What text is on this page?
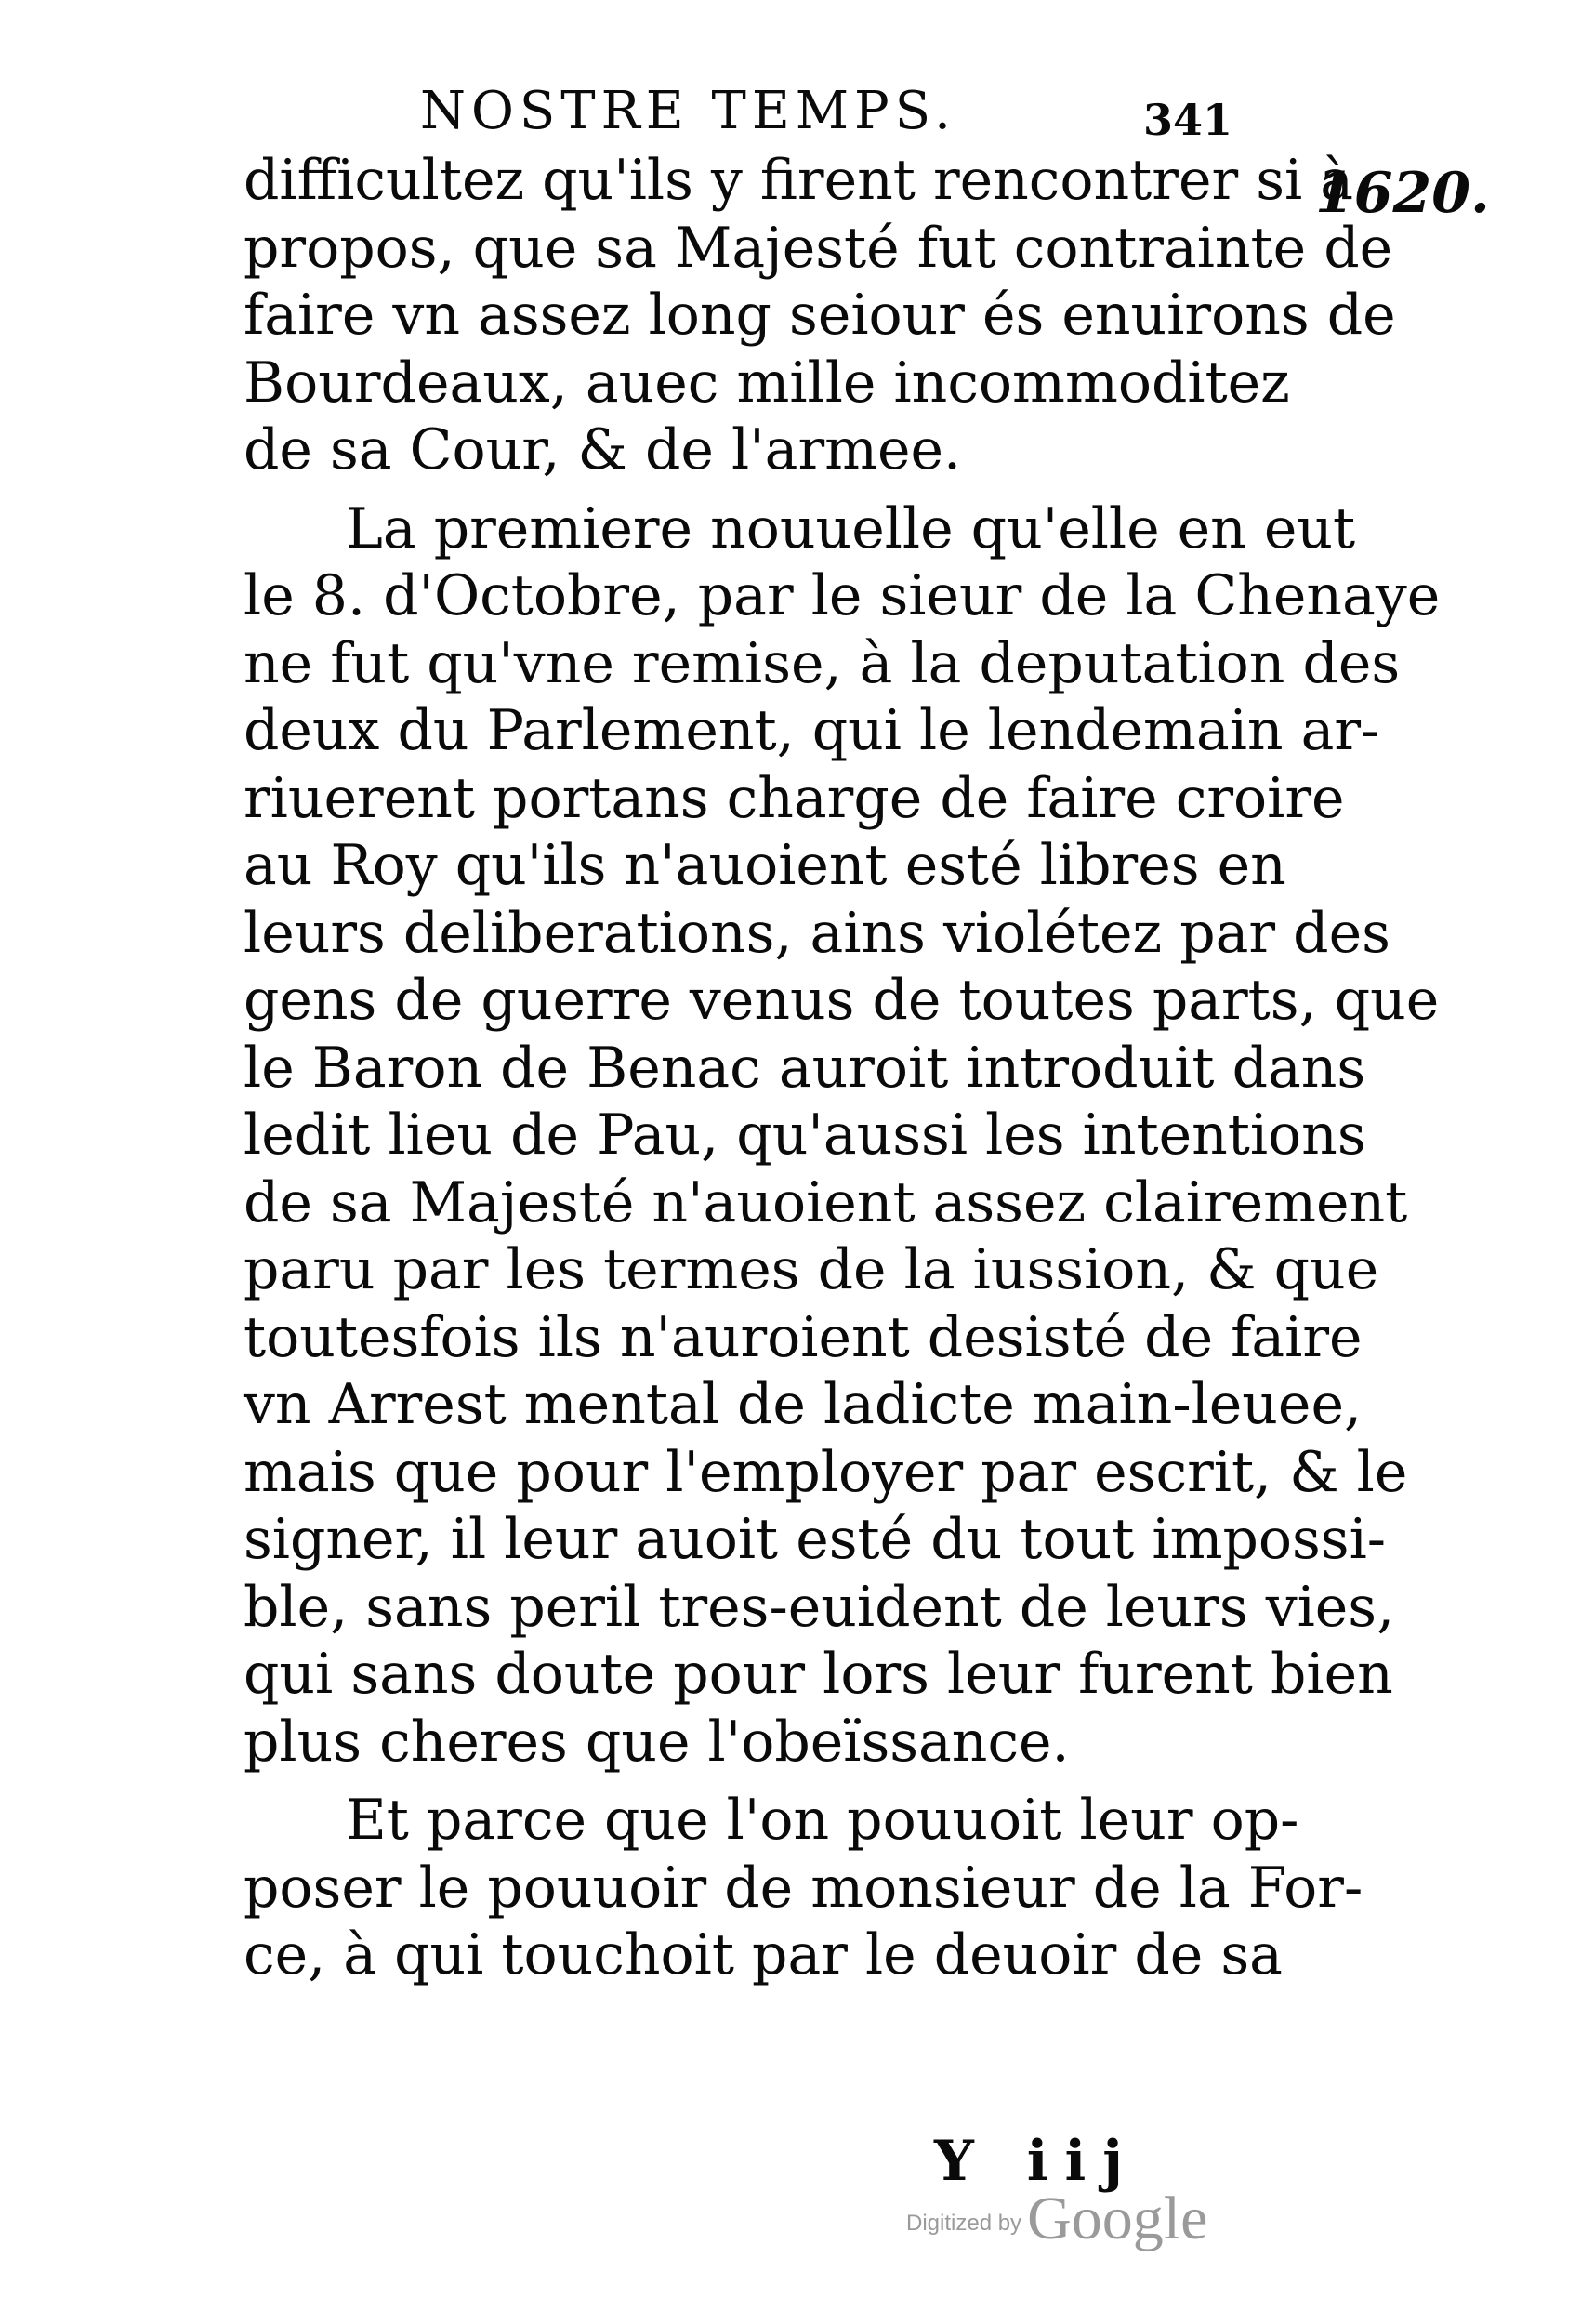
NOSTRE TEMPS.	341
1620.
difficultez qu'ils y firent rencontrer si à
propos, que sa Majesté fut contrainte de
faire vn assez long seiour és enuirons de
Bourdeaux, auec mille incommoditez
de sa Cour, & de l'armee.
La premiere nouuelle qu'elle en eut
le 8. d'Octobre, par le sieur de la Chenaye
ne fut qu'vne remise, à la deputation des
deux du Parlement, qui le lendemain ar-
riuerent portans charge de faire croire
au Roy qu'ils n'auoient esté libres en
leurs deliberations, ains violétez par des
gens de guerre venus de toutes parts, que
le Baron de Benac auroit introduit dans
ledit lieu de Pau, qu'aussi les intentions
de sa Majesté n'auoient assez clairement
paru par les termes de la iussion, & que
toutesfois ils n'auroient desisté de faire
vn Arrest mental de ladicte main-leuee,
mais que pour l'employer par escrit, & le
signer, il leur auoit esté du tout impossi-
ble, sans peril tres-euident de leurs vies,
qui sans doute pour lors leur furent bien
plus cheres que l'obeïssance.
Et parce que l'on pouuoit leur op-
poser le pouuoir de monsieur de la For-
ce, à qui touchoit par le deuoir de sa
Y iij
Digitized by Google
